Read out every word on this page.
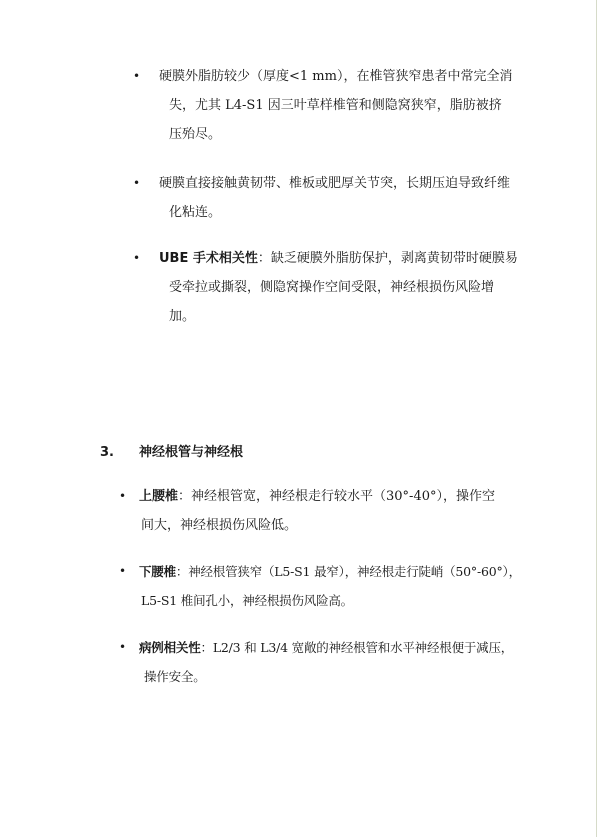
• 硬膜外脂肪较少（厚度<1 mm），在椎管狭窄患者中常完全消
失，尤其 L4-S1 因三叶草样椎管和侧隐窝狭窄，脂肪被挤
压殆尽。
• 硬膜直接接触黄韧带、椎板或肥厚关节突，长期压迫导致纤维
化粘连。
• UBE 手术相关性：缺乏硬膜外脂肪保护，剥离黄韧带时硬膜易
受牵拉或撕裂，侧隐窝操作空间受限，神经根损伤风险增
加。
3. 神经根管与神经根
• 上腰椎：神经根管宽，神经根走行较水平（30°-40°），操作空
间大，神经根损伤风险低。
• 下腰椎：神经根管狭窄（L5-S1 最窄），神经根走行陡峭（50°-60°），
L5-S1 椎间孔小，神经根损伤风险高。
• 病例相关性：L2/3 和 L3/4 宽敞的神经根管和水平神经根便于减压，
操作安全。
